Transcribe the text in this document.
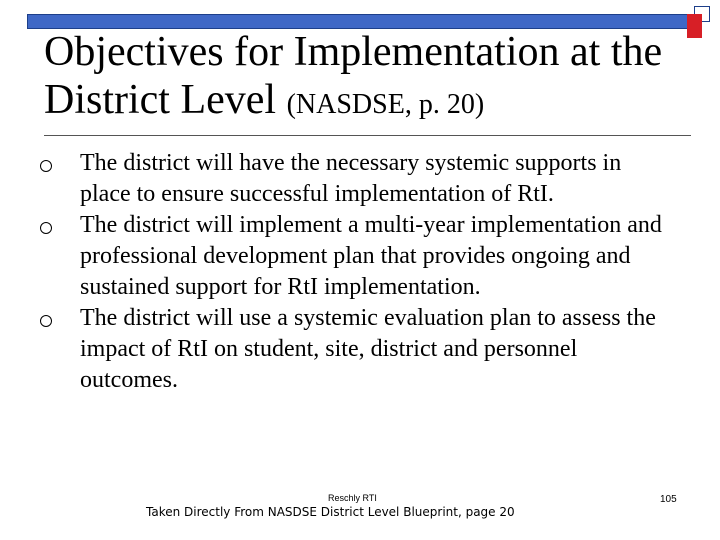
Objectives for Implementation at the District Level (NASDSE, p. 20)
The district will have the necessary systemic supports in place to ensure successful implementation of RtI.
The district will implement a multi-year implementation and professional development plan that provides ongoing and sustained support for RtI implementation.
The district will use a systemic evaluation plan to assess the impact of RtI on student, site, district and personnel outcomes.
Reschly RTI
Taken Directly From NASDSE District Level Blueprint, page 20
105
